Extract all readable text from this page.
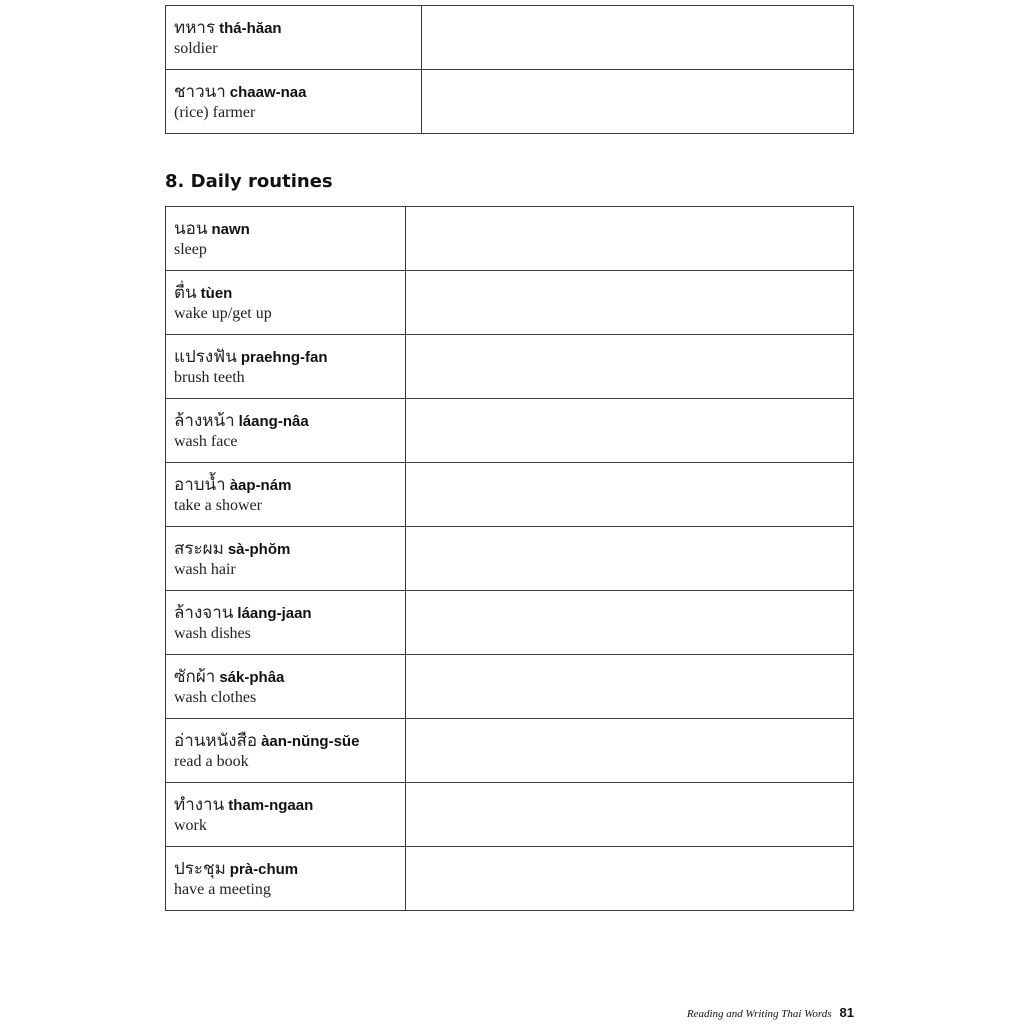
ทหาร thá-hăan
soldier	

ชาวนา chaaw-naa
(rice) farmer	

8. Daily routines
นอน nawn
sleep	

ตื่น tùen
wake up/get up	

แปรงฟัน praehng-fan
brush teeth	

ล้างหน้า láang-nâa
wash face	

อาบน้ำ àap-nám
take a shower	

สระผม sà-phŏm
wash hair	

ล้างจาน láang-jaan
wash dishes	

ซักผ้า sák-phâa
wash clothes	

อ่านหนังสือ àan-nŭng-sŭe
read a book	

ทำงาน tham-ngaan
work	

ประชุม prà-chum
have a meeting	

Reading and Writing Thai Words 81
